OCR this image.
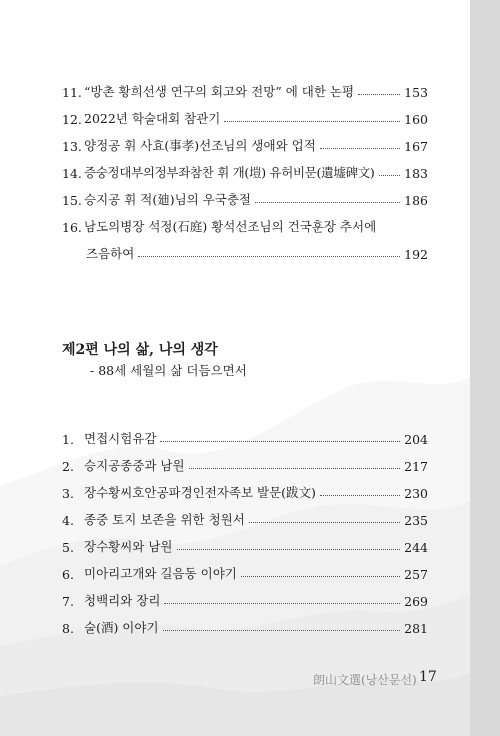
11. “방촌 황희선생 연구의 회고와 전망” 에 대한 논평	153
12. 2022년 학술대회 참관기	160
13. 양정공 휘 사효(事孝)선조님의 생애와 업적	167
14. 증숭정대부의정부좌참찬 휘 개(塏) 유허비문(遺墟碑文) 183
15. 승지공 휘 적(廸)님의 우국충절	186
16. 남도의병장 석정(石庭) 황석선조님의 건국훈장 추서에
즈음하여	192
제2편 나의 삶, 나의 생각
- 88세 세월의 삶 더듬으면서
1. 면접시험유감	204
2. 승지공종중과 남원	217
3. 장수황씨호안공파경인전자족보 발문(跋文)	230
4. 종중 토지 보존을 위한 청원서	235
5. 장수황씨와 남원	244
6. 미아리고개와 길음동 이야기	257
7. 청백리와 장리	269
8. 술(酒) 이야기	281
朗山文選(낭산문선) 17
